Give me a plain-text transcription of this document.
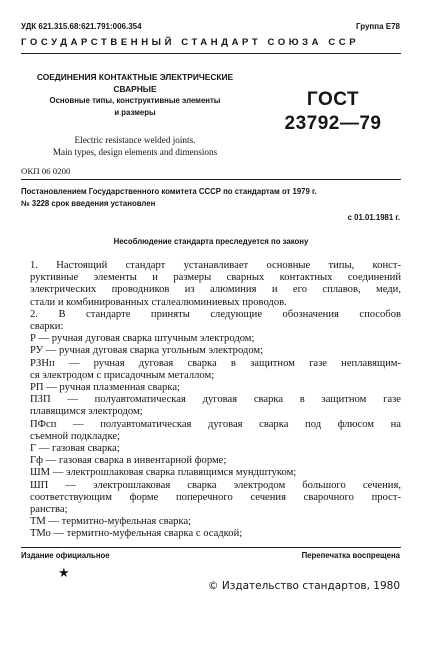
УДК 621.315.68:621.791:006.354	Группа Е78
ГОСУДАРСТВЕННЫЙ СТАНДАРТ СОЮЗА ССР
СОЕДИНЕНИЯ КОНТАКТНЫЕ ЭЛЕКТРИЧЕСКИЕ
СВАРНЫЕ
Основные типы, конструктивные элементы
и размеры
Electric resistance welded joints.
Main types, design elements and dimensions
ГОСТ
23792—79
ОКП 06 0200
Постановлением Государственного комитета СССР по стандартам от 1979 г.
№ 3228 срок введения установлен
с 01.01.1981 г.
Несоблюдение стандарта преследуется по закону

1. Настоящий стандарт устанавливает основные типы, конст-

руктивные элементы и размеры сварных контактных соединений

электрических проводников из алюминия и его сплавов, меди,

стали и комбинированных сталеалюминиевых проводов.

2. В стандарте приняты следующие обозначения способов

сварки:

Р — ручная дуговая сварка штучным электродом;

РУ — ручная дуговая сварка угольным электродом;

РЗНп — ручная дуговая сварка в защитном газе неплавящим-

ся электродом с присадочным металлом;

РП — ручная плазменная сварка;

ПЗП — полуавтоматическая дуговая сварка в защитном газе

плавящимся электродом;

ПФсп — полуавтоматическая дуговая сварка под флюсом на

съемной подкладке;

Г — газовая сварка;

Гф — газовая сварка в инвентарной форме;

ШМ — электрошлаковая сварка плавящимся мундштуком;

ШП — электрошлаковая сварка электродом большого сечения,

соответствующим форме поперечного сечения сварочного прост-

ранства;

ТМ — термитно-муфельная сварка;

ТМо — термитно-муфельная сварка с осадкой;

Издание официальное	Перепечатка воспрещена
★
© Издательство стандартов, 1980
